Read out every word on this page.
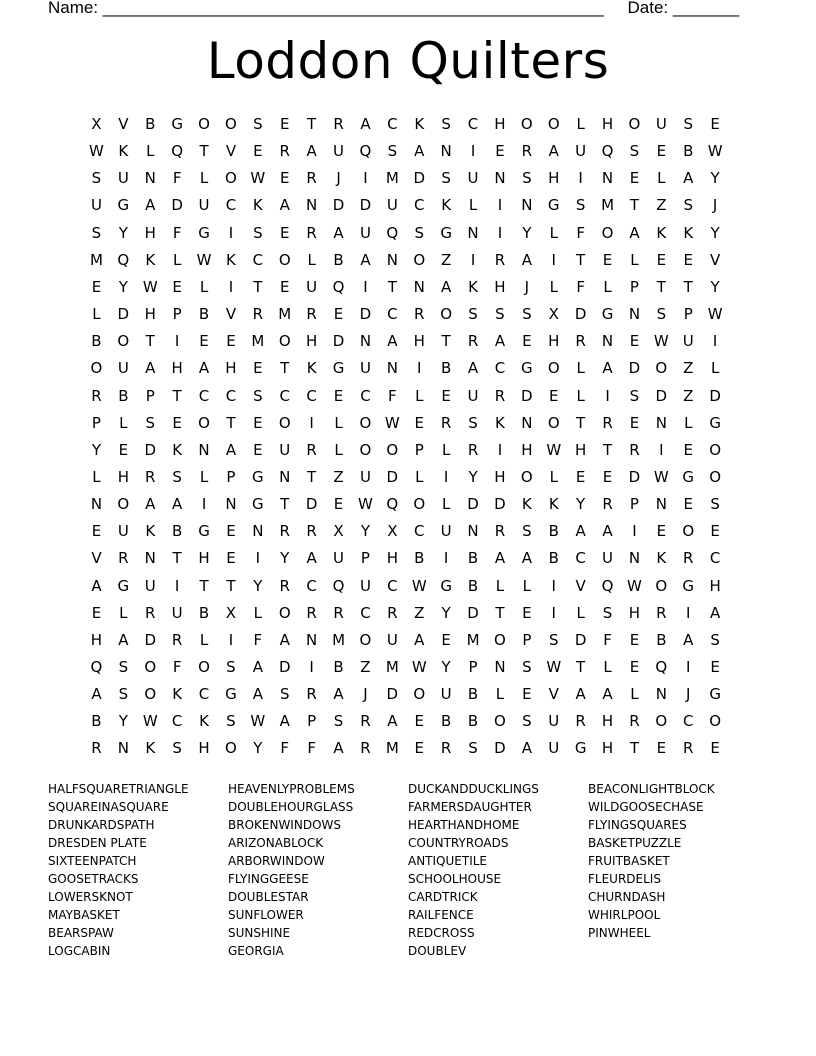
Name: _____________________________________________________     Date: _______
Loddon Quilters
X	V	B	G	O	O	S	E	T	R	A	C	K	S	C	H	O	O	L	H	O	U	S	E
W K	L	Q	T	V	E	R	A	U	Q	S	A	N	I	E	R	A	U	Q	S	E	B W
S	U	N	F	L	O W E	R	J	I	M D	S	U	N	S	H	I	N	E	L	A	Y
U	G	A	D	U	C	K	A	N	D	D	U	C	K	L	I	N	G	S	M	T	Z	S	J
S	Y	H	F	G	I	S	E	R	A	U	Q	S	G	N	I	Y	L	F	O	A	K	K	Y
M Q	K	L	W K	C	O	L	B	A	N	O	Z	I	R	A	I	T	E	L	E	E	V
E	Y W E	L	I	T	E	U	Q	I	T	N	A	K	H	J	L	F	L	P	T	T	Y
L	D	H	P	B	V	R	M	R	E	D	C	R	O	S	S	S	X	D	G	N	S	P W
B	O	T	I	E	E	M O	H	D	N	A	H	T	R	A	E	H	R	N	E W U	I
O	U	A	H	A	H	E	T	K	G	U	N	I	B	A	C	G	O	L	A	D	O	Z	L
R	B	P	T	C	C	S	C	C	E	C	F	L	E	U	R	D	E	L	I	S	D	Z	D
P	L	S	E	O	T	E	O	I	L	O W E	R	S	K	N	O	T	R	E	N	L	G
Y	E	D	K	N	A	E	U	R	L	O	O	P	L	R	I	H W H	T	R	I	E	O
L	H	R	S	L	P	G	N	T	Z	U	D	L	I	Y	H	O	L	E	E	D W G	O
N	O	A	A	I	N	G	T	D	E W Q	O	L	D	D	K	K	Y	R	P	N	E	S
E	U	K	B	G	E	N	R	R	X	Y	X	C	U	N	R	S	B	A	A	I	E	O	E
V	R	N	T	H	E	I	Y	A	U	P	H	B	I	B	A	A	B	C	U	N	K	R	C
A	G	U	I	T	T	Y	R	C	Q	U	C W G	B	L	L	I	V	Q W O	G	H
E	L	R	U	B	X	L	O	R	R	C	R	Z	Y	D	T	E	I	L	S	H	R	I	A
H	A	D	R	L	I	F	A	N M O	U	A	E	M O	P	S	D	F	E	B	A	S
Q	S	O	F	O	S	A	D	I	B	Z	M W Y	P	N	S W T	L	E	Q	I	E
A	S	O	K	C	G	A	S	R	A	J	D	O	U	B	L	E	V	A	A	L	N	J	G
B	Y W C	K	S W A	P	S	R	A	E	B	B	O	S	U	R	H	R	O	C	O
R	N	K	S	H	O	Y	F	F	A	R	M	E	R	S	D	A	U	G	H	T	E	R	E
HALFSQUARETRIANGLE
SQUAREINASQUARE
DRUNKARDSPATH
DRESDEN PLATE
SIXTEENPATCH
GOOSETRACKS
LOWERSKNOT
MAYBASKET
BEARSPAW
LOGCABIN
HEAVENLYPROBLEMS
DOUBLEHOURGLASS
BROKENWINDOWS
ARIZONABLOCK
ARBORWINDOW
FLYINGGEESE
DOUBLESTAR
SUNFLOWER
SUNSHINE
GEORGIA
DUCKANDDUCKLINGS
FARMERSDAUGHTER
HEARTHANDHOME
COUNTRYROADS
ANTIQUETILE
SCHOOLHOUSE
CARDTRICK
RAILFENCE
REDCROSS
DOUBLEV
BEACONLIGHTBLOCK
WILDGOOSECHASE
FLYINGSQUARES
BASKETPUZZLE
FRUITBASKET
FLEURDELIS
CHURNDASH
WHIRLPOOL
PINWHEEL
